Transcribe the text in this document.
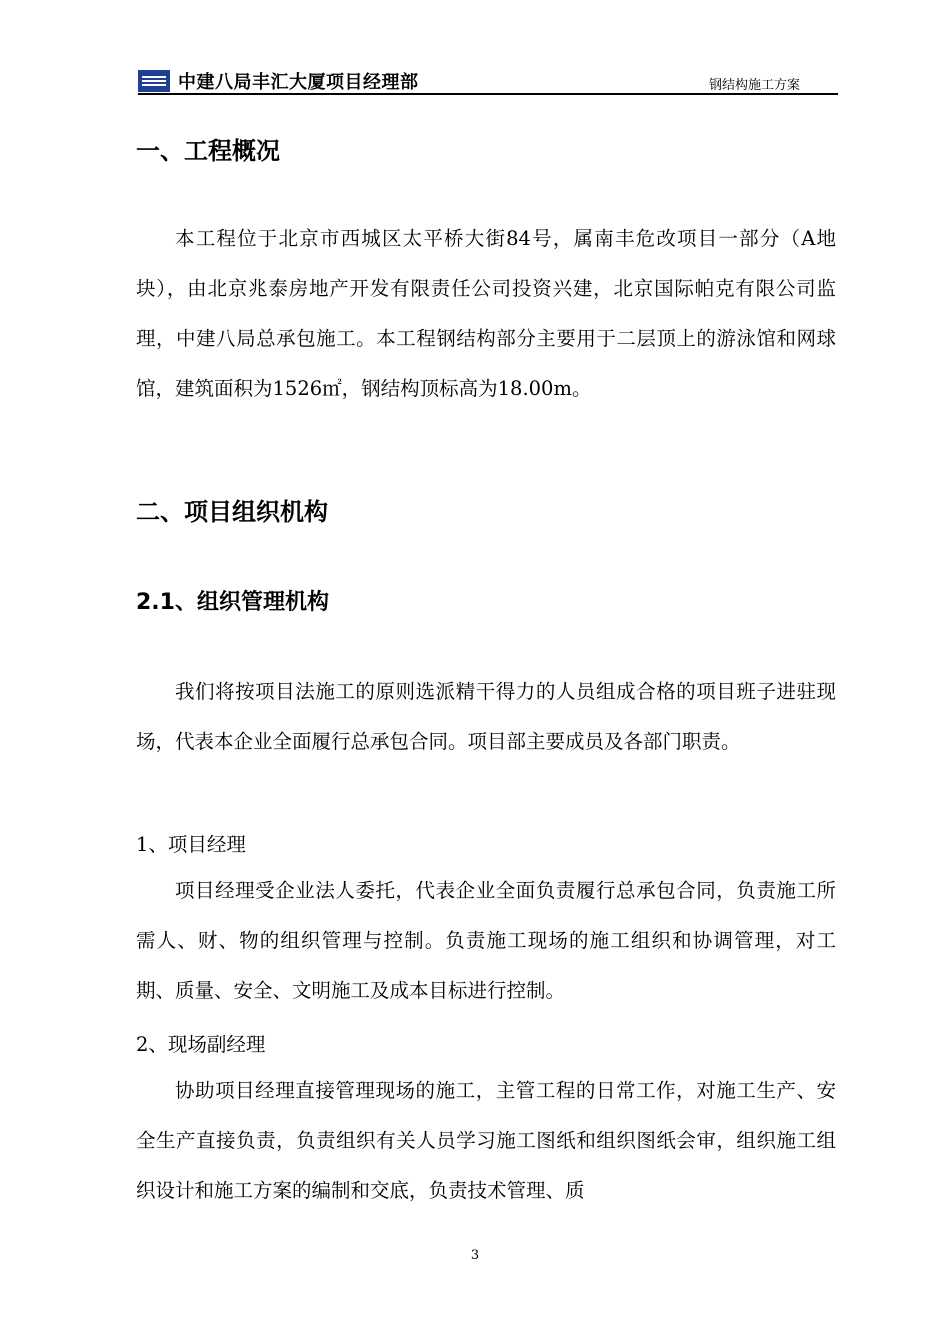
中建八局丰汇大厦项目经理部	钢结构施工方案
一、工程概况

本工程位于北京市西城区太平桥大街84号，属南丰危改项目一部分（A地块），由北京兆泰房地产开发有限责任公司投资兴建，北京国际帕克有限公司监理，中建八局总承包施工。本工程钢结构部分主要用于二层顶上的游泳馆和网球馆，建筑面积为1526㎡，钢结构顶标高为18.00m。

二、项目组织机构
2.1、组织管理机构

我们将按项目法施工的原则选派精干得力的人员组成合格的项目班子进驻现场，代表本企业全面履行总承包合同。项目部主要成员及各部门职责。

1、项目经理

项目经理受企业法人委托，代表企业全面负责履行总承包合同，负责施工所需人、财、物的组织管理与控制。负责施工现场的施工组织和协调管理，对工期、质量、安全、文明施工及成本目标进行控制。

2、现场副经理

协助项目经理直接管理现场的施工，主管工程的日常工作，对施工生产、安全生产直接负责，负责组织有关人员学习施工图纸和组织图纸会审，组织施工组织设计和施工方案的编制和交底，负责技术管理、质

3
